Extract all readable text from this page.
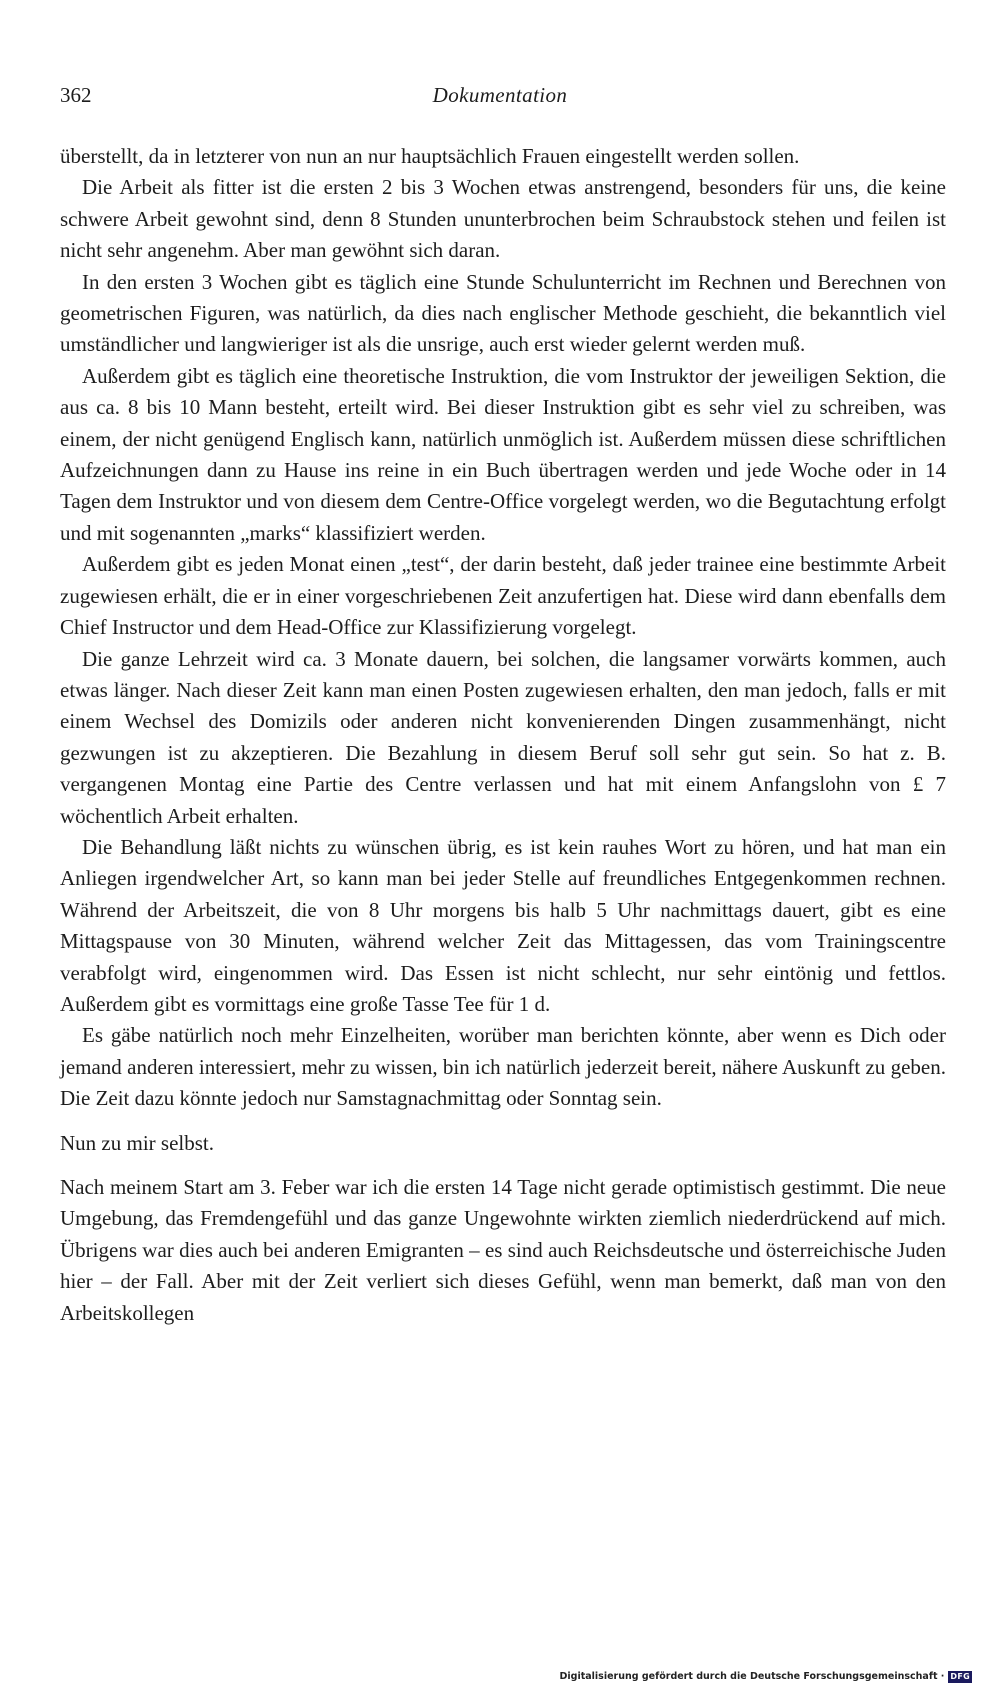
362	Dokumentation

überstellt, da in letzterer von nun an nur hauptsächlich Frauen eingestellt werden sollen.

Die Arbeit als fitter ist die ersten 2 bis 3 Wochen etwas anstrengend, besonders für uns, die keine schwere Arbeit gewohnt sind, denn 8 Stunden ununterbrochen beim Schraubstock stehen und feilen ist nicht sehr angenehm. Aber man gewöhnt sich daran.

In den ersten 3 Wochen gibt es täglich eine Stunde Schulunterricht im Rechnen und Berechnen von geometrischen Figuren, was natürlich, da dies nach englischer Methode geschieht, die bekanntlich viel umständlicher und langwieriger ist als die unsrige, auch erst wieder gelernt werden muß.

Außerdem gibt es täglich eine theoretische Instruktion, die vom Instruktor der jeweiligen Sektion, die aus ca. 8 bis 10 Mann besteht, erteilt wird. Bei dieser Instruktion gibt es sehr viel zu schreiben, was einem, der nicht genügend Englisch kann, natürlich unmöglich ist. Außerdem müssen diese schriftlichen Aufzeichnungen dann zu Hause ins reine in ein Buch übertragen werden und jede Woche oder in 14 Tagen dem Instruktor und von diesem dem Centre-Office vorgelegt werden, wo die Begutachtung erfolgt und mit sogenannten „marks“ klassifiziert werden.

Außerdem gibt es jeden Monat einen „test“, der darin besteht, daß jeder trainee eine bestimmte Arbeit zugewiesen erhält, die er in einer vorgeschriebenen Zeit anzufertigen hat. Diese wird dann ebenfalls dem Chief Instructor und dem Head-Office zur Klassifizierung vorgelegt.

Die ganze Lehrzeit wird ca. 3 Monate dauern, bei solchen, die langsamer vorwärts kommen, auch etwas länger. Nach dieser Zeit kann man einen Posten zugewiesen erhalten, den man jedoch, falls er mit einem Wechsel des Domizils oder anderen nicht konvenierenden Dingen zusammenhängt, nicht gezwungen ist zu akzeptieren. Die Bezahlung in diesem Beruf soll sehr gut sein. So hat z. B. vergangenen Montag eine Partie des Centre verlassen und hat mit einem Anfangslohn von £ 7 wöchentlich Arbeit erhalten.

Die Behandlung läßt nichts zu wünschen übrig, es ist kein rauhes Wort zu hören, und hat man ein Anliegen irgendwelcher Art, so kann man bei jeder Stelle auf freundliches Entgegenkommen rechnen. Während der Arbeitszeit, die von 8 Uhr morgens bis halb 5 Uhr nachmittags dauert, gibt es eine Mittagspause von 30 Minuten, während welcher Zeit das Mittagessen, das vom Trainingscentre verabfolgt wird, eingenommen wird. Das Essen ist nicht schlecht, nur sehr eintönig und fettlos. Außerdem gibt es vormittags eine große Tasse Tee für 1 d.

Es gäbe natürlich noch mehr Einzelheiten, worüber man berichten könnte, aber wenn es Dich oder jemand anderen interessiert, mehr zu wissen, bin ich natürlich jederzeit bereit, nähere Auskunft zu geben. Die Zeit dazu könnte jedoch nur Samstagnachmittag oder Sonntag sein.

Nun zu mir selbst.

Nach meinem Start am 3. Feber war ich die ersten 14 Tage nicht gerade optimistisch gestimmt. Die neue Umgebung, das Fremdengefühl und das ganze Ungewohnte wirkten ziemlich niederdrückend auf mich. Übrigens war dies auch bei anderen Emigranten – es sind auch Reichsdeutsche und österreichische Juden hier – der Fall. Aber mit der Zeit verliert sich dieses Gefühl, wenn man bemerkt, daß man von den Arbeitskollegen

Digitalisierung gefördert durch die Deutsche Forschungsgemeinschaft · DFG
